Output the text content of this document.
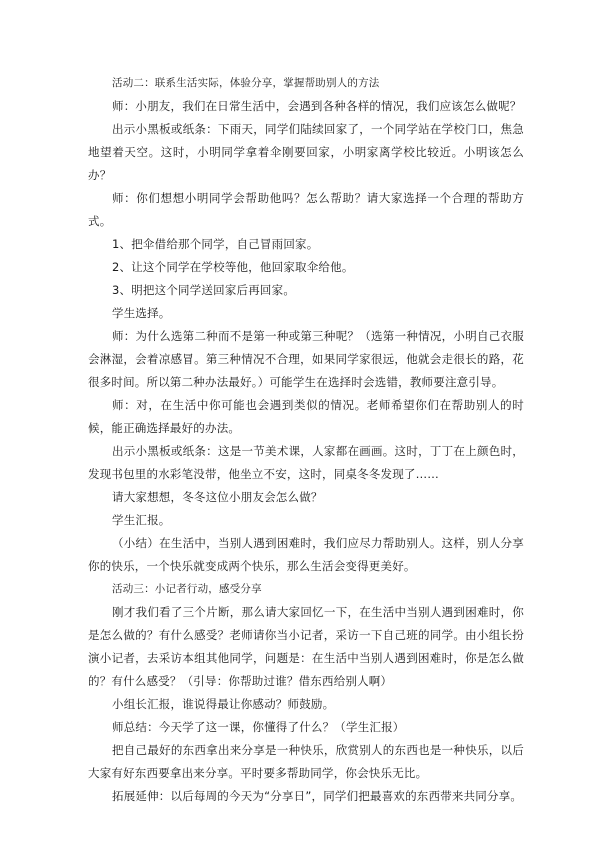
活动二：联系生活实际，体验分享，掌握帮助别人的方法

师：小朋友，我们在日常生活中，会遇到各种各样的情况，我们应该怎么做呢？

出示小黑板或纸条：下雨天，同学们陆续回家了，一个同学站在学校门口，焦急地望着天空。这时，小明同学拿着伞刚要回家，小明家离学校比较近。小明该怎么办？

师：你们想想小明同学会帮助他吗？怎么帮助？请大家选择一个合理的帮助方式。

1、把伞借给那个同学，自己冒雨回家。

2、让这个同学在学校等他，他回家取伞给他。

3、明把这个同学送回家后再回家。

学生选择。

师：为什么选第二种而不是第一种或第三种呢？（选第一种情况，小明自己衣服会淋湿，会着凉感冒。第三种情况不合理，如果同学家很远，他就会走很长的路，花很多时间。所以第二种办法最好。）可能学生在选择时会选错，教师要注意引导。

师：对，在生活中你可能也会遇到类似的情况。老师希望你们在帮助别人的时候，能正确选择最好的办法。

出示小黑板或纸条：这是一节美术课，人家都在画画。这时，丁丁在上颜色时，发现书包里的水彩笔没带，他坐立不安，这时，同桌冬冬发现了……

请大家想想，冬冬这位小朋友会怎么做？

学生汇报。

（小结）在生活中，当别人遇到困难时，我们应尽力帮助别人。这样，别人分享你的快乐，一个快乐就变成两个快乐，那么生活会变得更美好。

活动三：小记者行动，感受分享

刚才我们看了三个片断，那么请大家回忆一下，在生活中当别人遇到困难时，你是怎么做的？有什么感受？老师请你当小记者，采访一下自己班的同学。由小组长扮演小记者，去采访本组其他同学，问题是：在生活中当别人遇到困难时，你是怎么做的？有什么感受？（引导：你帮助过谁？借东西给别人啊）

小组长汇报，谁说得最让你感动？师鼓励。

师总结：今天学了这一课，你懂得了什么？（学生汇报）

把自己最好的东西拿出来分享是一种快乐，欣赏别人的东西也是一种快乐，以后大家有好东西要拿出来分享。平时要多帮助同学，你会快乐无比。

拓展延伸：以后每周的今天为“分享日”，同学们把最喜欢的东西带来共同分享。
